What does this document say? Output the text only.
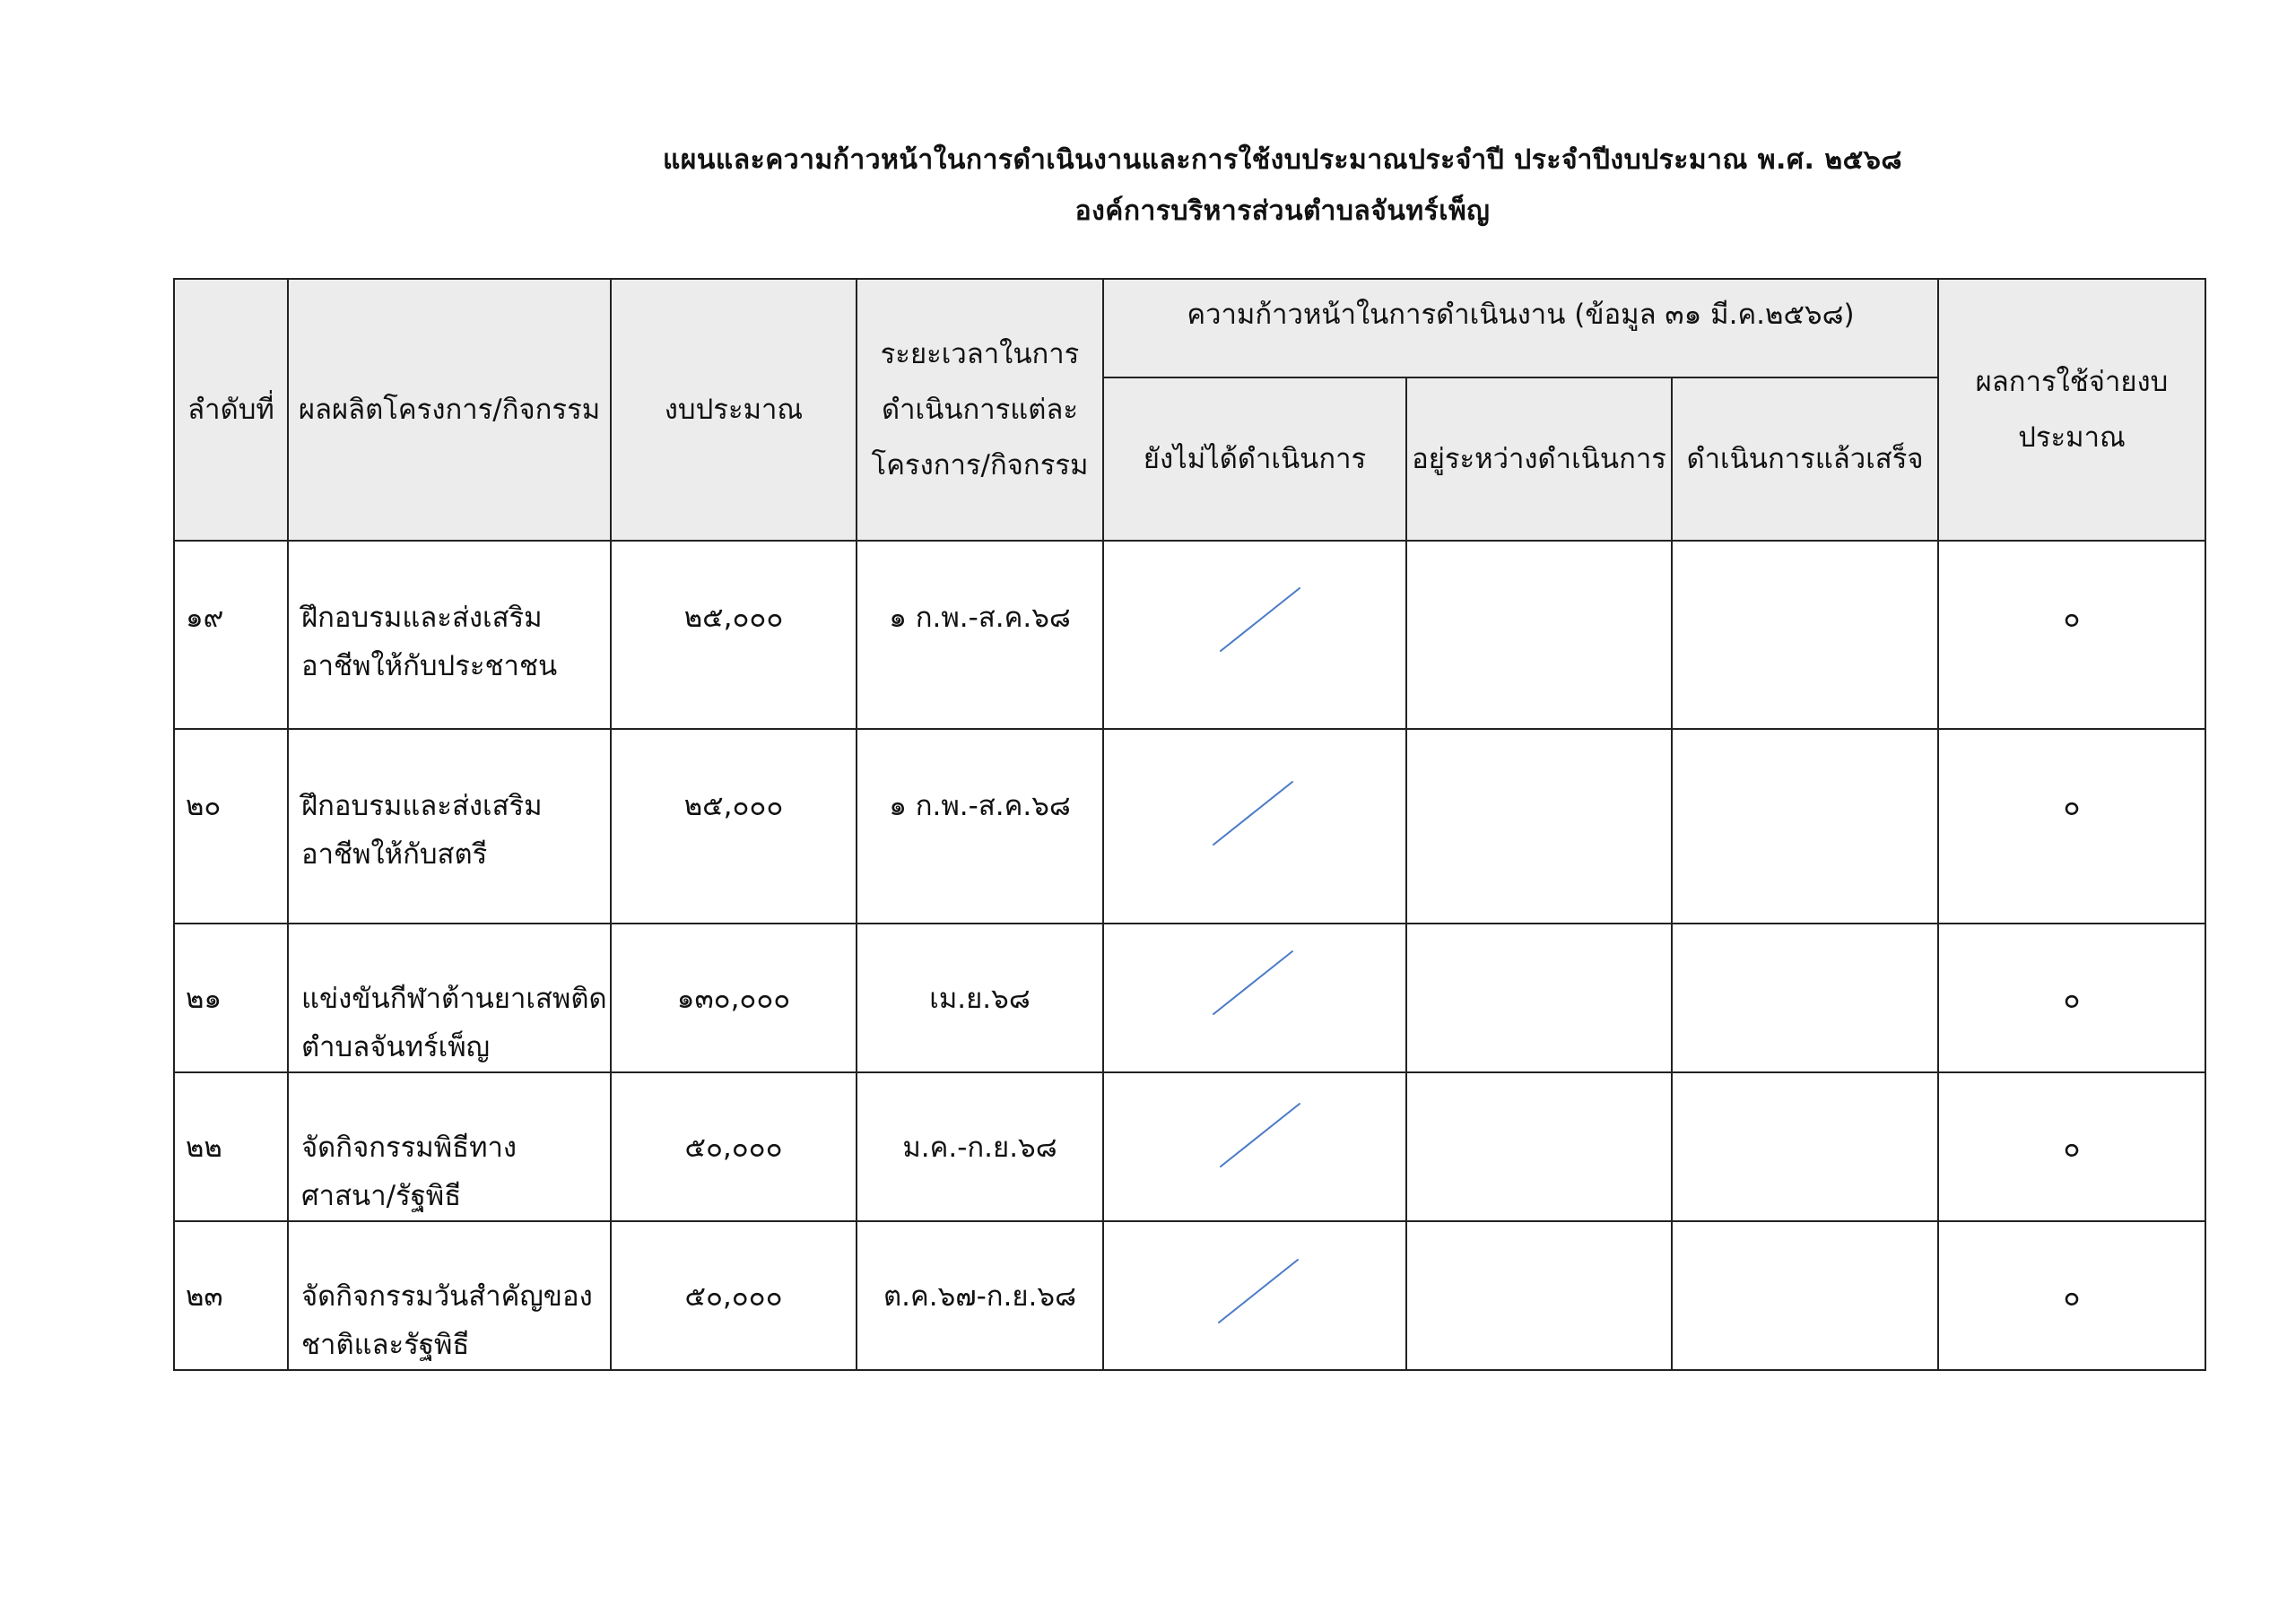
แผนและความก้าวหน้าในการดำเนินงานและการใช้งบประมาณประจำปี ประจำปีงบประมาณ พ.ศ. ๒๕๖๘
องค์การบริหารส่วนตำบลจันทร์เพ็ญ
ลำดับที่	ผลผลิตโครงการ/กิจกรรม	งบประมาณ	ระยะเวลาในการดำเนินการแต่ละโครงการ/กิจกรรม	ความก้าวหน้าในการดำเนินงาน (ข้อมูล ๓๑ มี.ค.๒๕๖๘)			ผลการใช้จ่ายงบประมาณ
				ยังไม่ได้ดำเนินการ	อยู่ระหว่างดำเนินการ	ดำเนินการแล้วเสร็จ	

๑๙	ฝึกอบรมและส่งเสริมอาชีพให้กับประชาชน	๒๕,๐๐๐	๑ ก.พ.-ส.ค.๖๘				๐

๒๐	ฝึกอบรมและส่งเสริมอาชีพให้กับสตรี	๒๕,๐๐๐	๑ ก.พ.-ส.ค.๖๘				๐

๒๑	แข่งขันกีฬาต้านยาเสพติดตำบลจันทร์เพ็ญ	๑๓๐,๐๐๐	เม.ย.๖๘				๐

๒๒	จัดกิจกรรมพิธีทางศาสนา/รัฐพิธี	๕๐,๐๐๐	ม.ค.-ก.ย.๖๘				๐

๒๓	จัดกิจกรรมวันสำคัญของชาติและรัฐพิธี	๕๐,๐๐๐	ต.ค.๖๗-ก.ย.๖๘				๐
